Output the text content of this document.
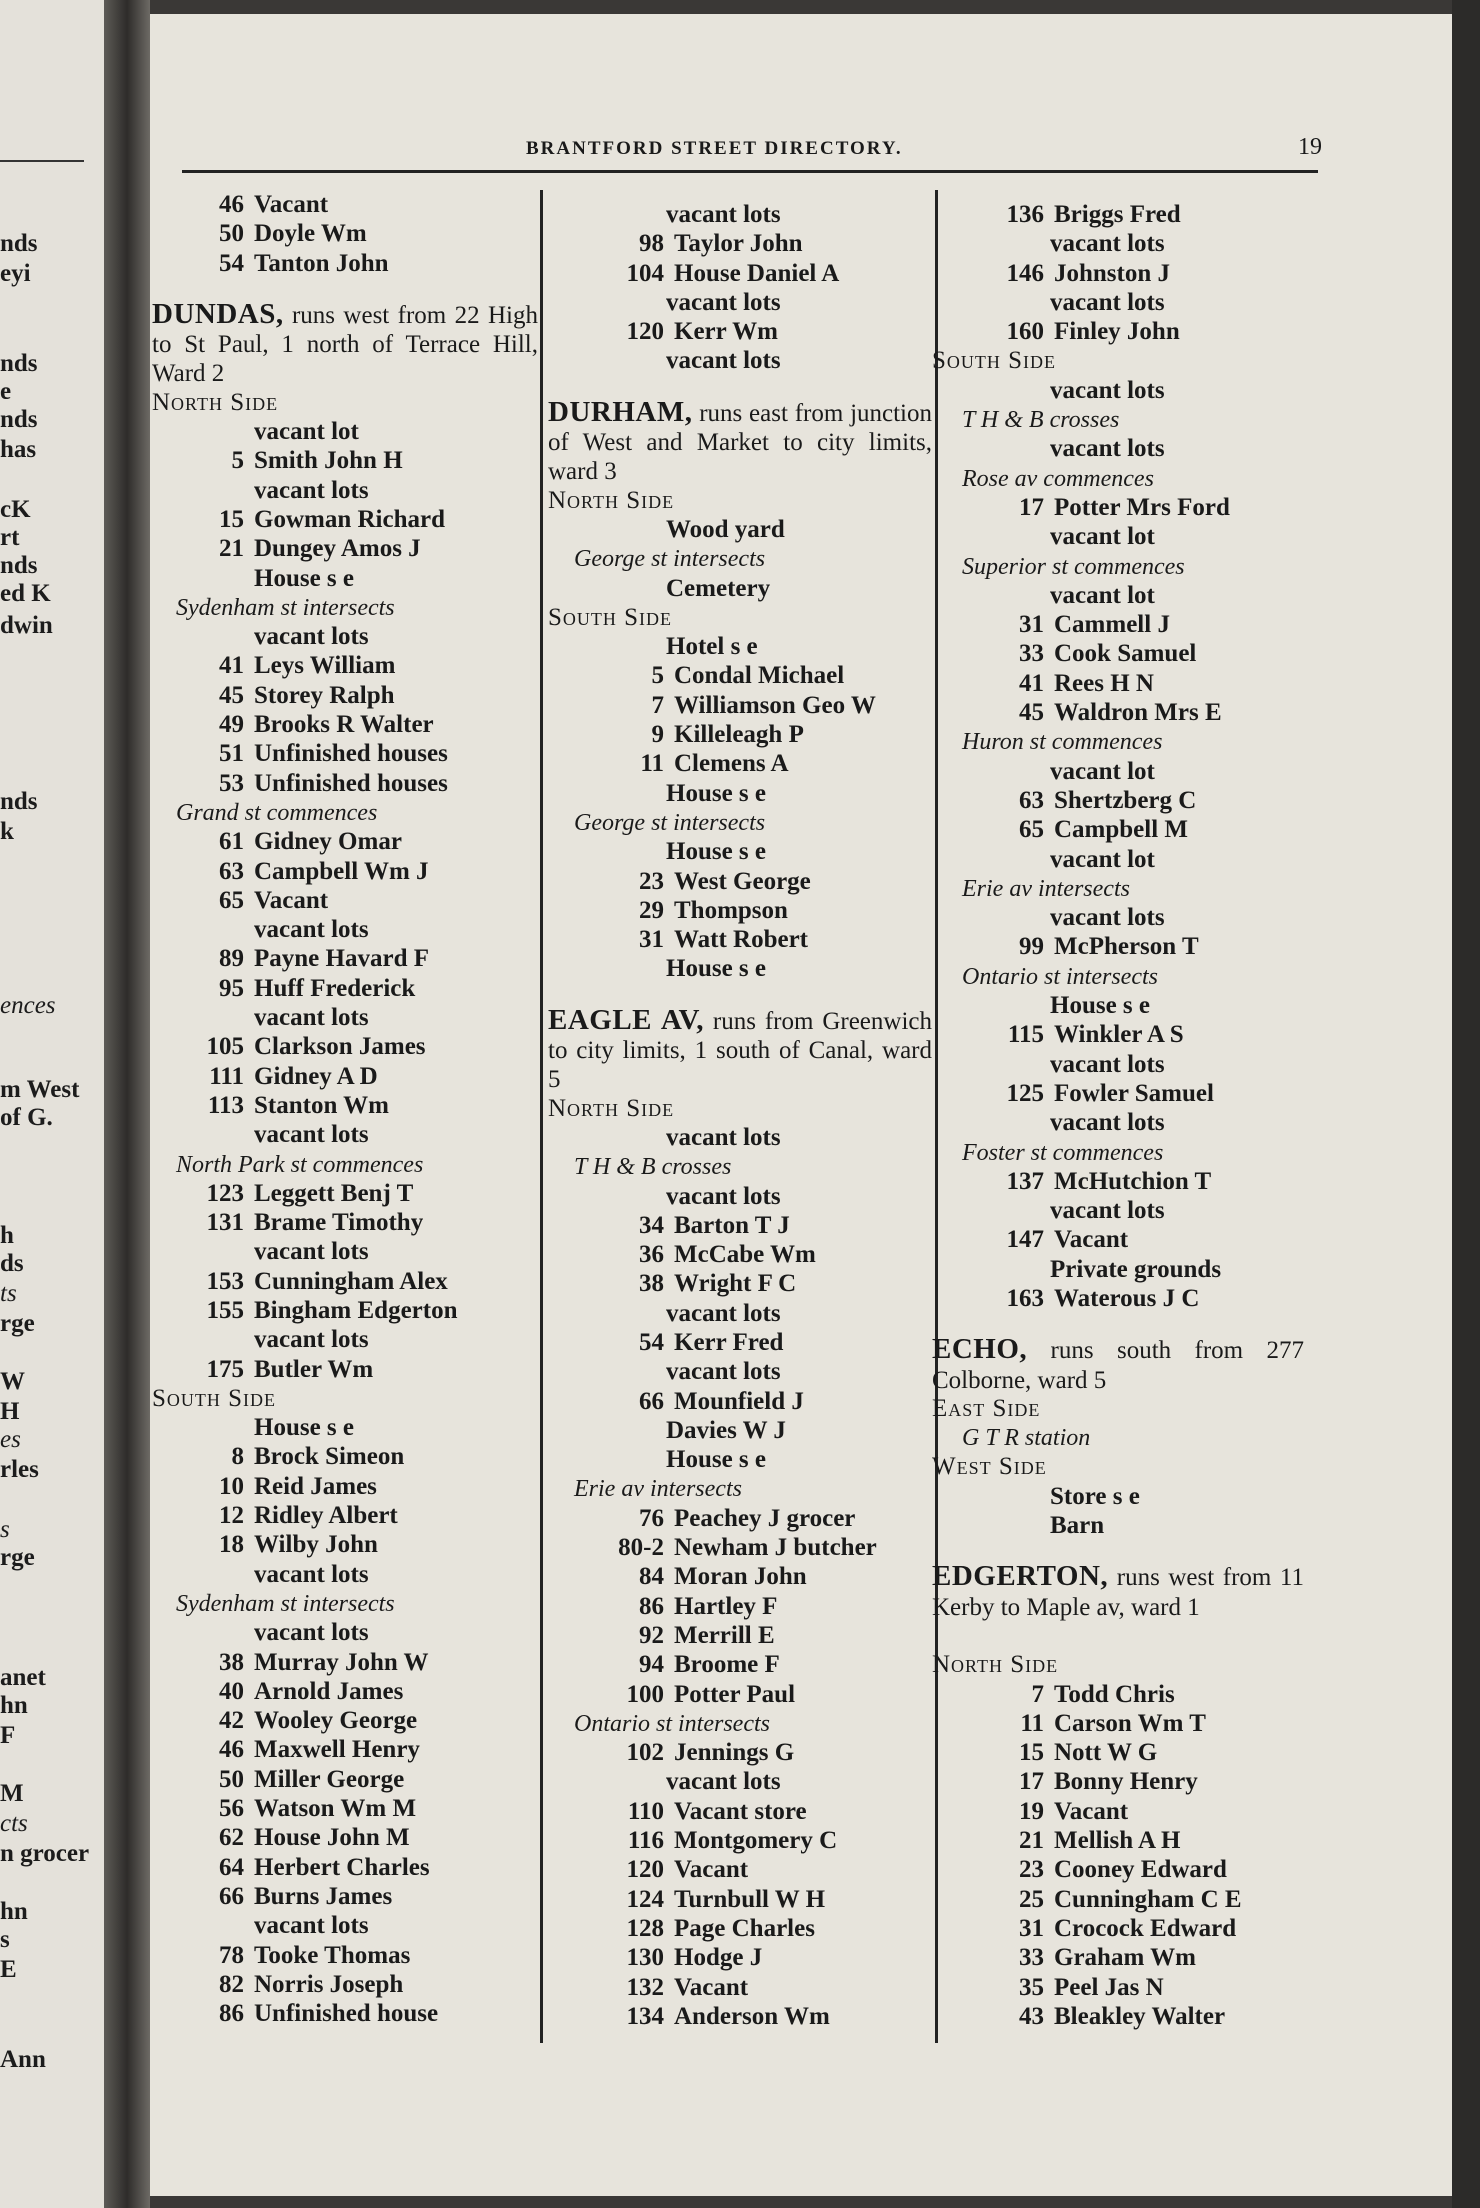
nds
eyi
nds
e
nds
has
cK
rt
nds
ed K
dwin
nds
k
ences
m West
of G.
h
ds
ts
rge
W
H
es
rles
s
rge
anet
hn
F
M
cts
n grocer
hn
s
E
Ann
BRANTFORD STREET DIRECTORY.	19
46 Vacant
50 Doyle Wm
54 Tanton John
DUNDAS, runs west from 22 High to St Paul, 1 north of Terrace Hill, Ward 2
North Side
vacant lot
5 Smith John H
vacant lots
15 Gowman Richard
21 Dungey Amos J
House s e
Sydenham st intersects
vacant lots
41 Leys William
45 Storey Ralph
49 Brooks R Walter
51 Unfinished houses
53 Unfinished houses
Grand st commences
61 Gidney Omar
63 Campbell Wm J
65 Vacant
vacant lots
89 Payne Havard F
95 Huff Frederick
vacant lots
105 Clarkson James
111 Gidney A D
113 Stanton Wm
vacant lots
North Park st commences
123 Leggett Benj T
131 Brame Timothy
vacant lots
153 Cunningham Alex
155 Bingham Edgerton
vacant lots
175 Butler Wm
South Side
House s e
8 Brock Simeon
10 Reid James
12 Ridley Albert
18 Wilby John
vacant lots
Sydenham st intersects
vacant lots
38 Murray John W
40 Arnold James
42 Wooley George
46 Maxwell Henry
50 Miller George
56 Watson Wm M
62 House John M
64 Herbert Charles
66 Burns James
vacant lots
78 Tooke Thomas
82 Norris Joseph
86 Unfinished house
vacant lots
98 Taylor John
104 House Daniel A
vacant lots
120 Kerr Wm
vacant lots
DURHAM, runs east from junction of West and Market to city limits, ward 3
North Side
Wood yard
George st intersects
Cemetery
South Side
Hotel s e
5 Condal Michael
7 Williamson Geo W
9 Killeleagh P
11 Clemens A
House s e
George st intersects
House s e
23 West George
29 Thompson
31 Watt Robert
House s e
EAGLE AV, runs from Greenwich to city limits, 1 south of Canal, ward 5
North Side
vacant lots
T H & B crosses
vacant lots
34 Barton T J
36 McCabe Wm
38 Wright F C
vacant lots
54 Kerr Fred
vacant lots
66 Mounfield J
Davies W J
House s e
Erie av intersects
76 Peachey J grocer
80-2 Newham J butcher
84 Moran John
86 Hartley F
92 Merrill E
94 Broome F
100 Potter Paul
Ontario st intersects
102 Jennings G
vacant lots
110 Vacant store
116 Montgomery C
120 Vacant
124 Turnbull W H
128 Page Charles
130 Hodge J
132 Vacant
134 Anderson Wm
136 Briggs Fred
vacant lots
146 Johnston J
vacant lots
160 Finley John
South Side
vacant lots
T H & B crosses
vacant lots
Rose av commences
17 Potter Mrs Ford
vacant lot
Superior st commences
vacant lot
31 Cammell J
33 Cook Samuel
41 Rees H N
45 Waldron Mrs E
Huron st commences
vacant lot
63 Shertzberg C
65 Campbell M
vacant lot
Erie av intersects
vacant lots
99 McPherson T
Ontario st intersects
House s e
115 Winkler A S
vacant lots
125 Fowler Samuel
vacant lots
Foster st commences
137 McHutchion T
vacant lots
147 Vacant
Private grounds
163 Waterous J C
ECHO, runs south from 277 Colborne, ward 5
East Side
G T R station
West Side
Store s e
Barn
EDGERTON, runs west from 11 Kerby to Maple av, ward 1
North Side
7 Todd Chris
11 Carson Wm T
15 Nott W G
17 Bonny Henry
19 Vacant
21 Mellish A H
23 Cooney Edward
25 Cunningham C E
31 Crocock Edward
33 Graham Wm
35 Peel Jas N
43 Bleakley Walter
